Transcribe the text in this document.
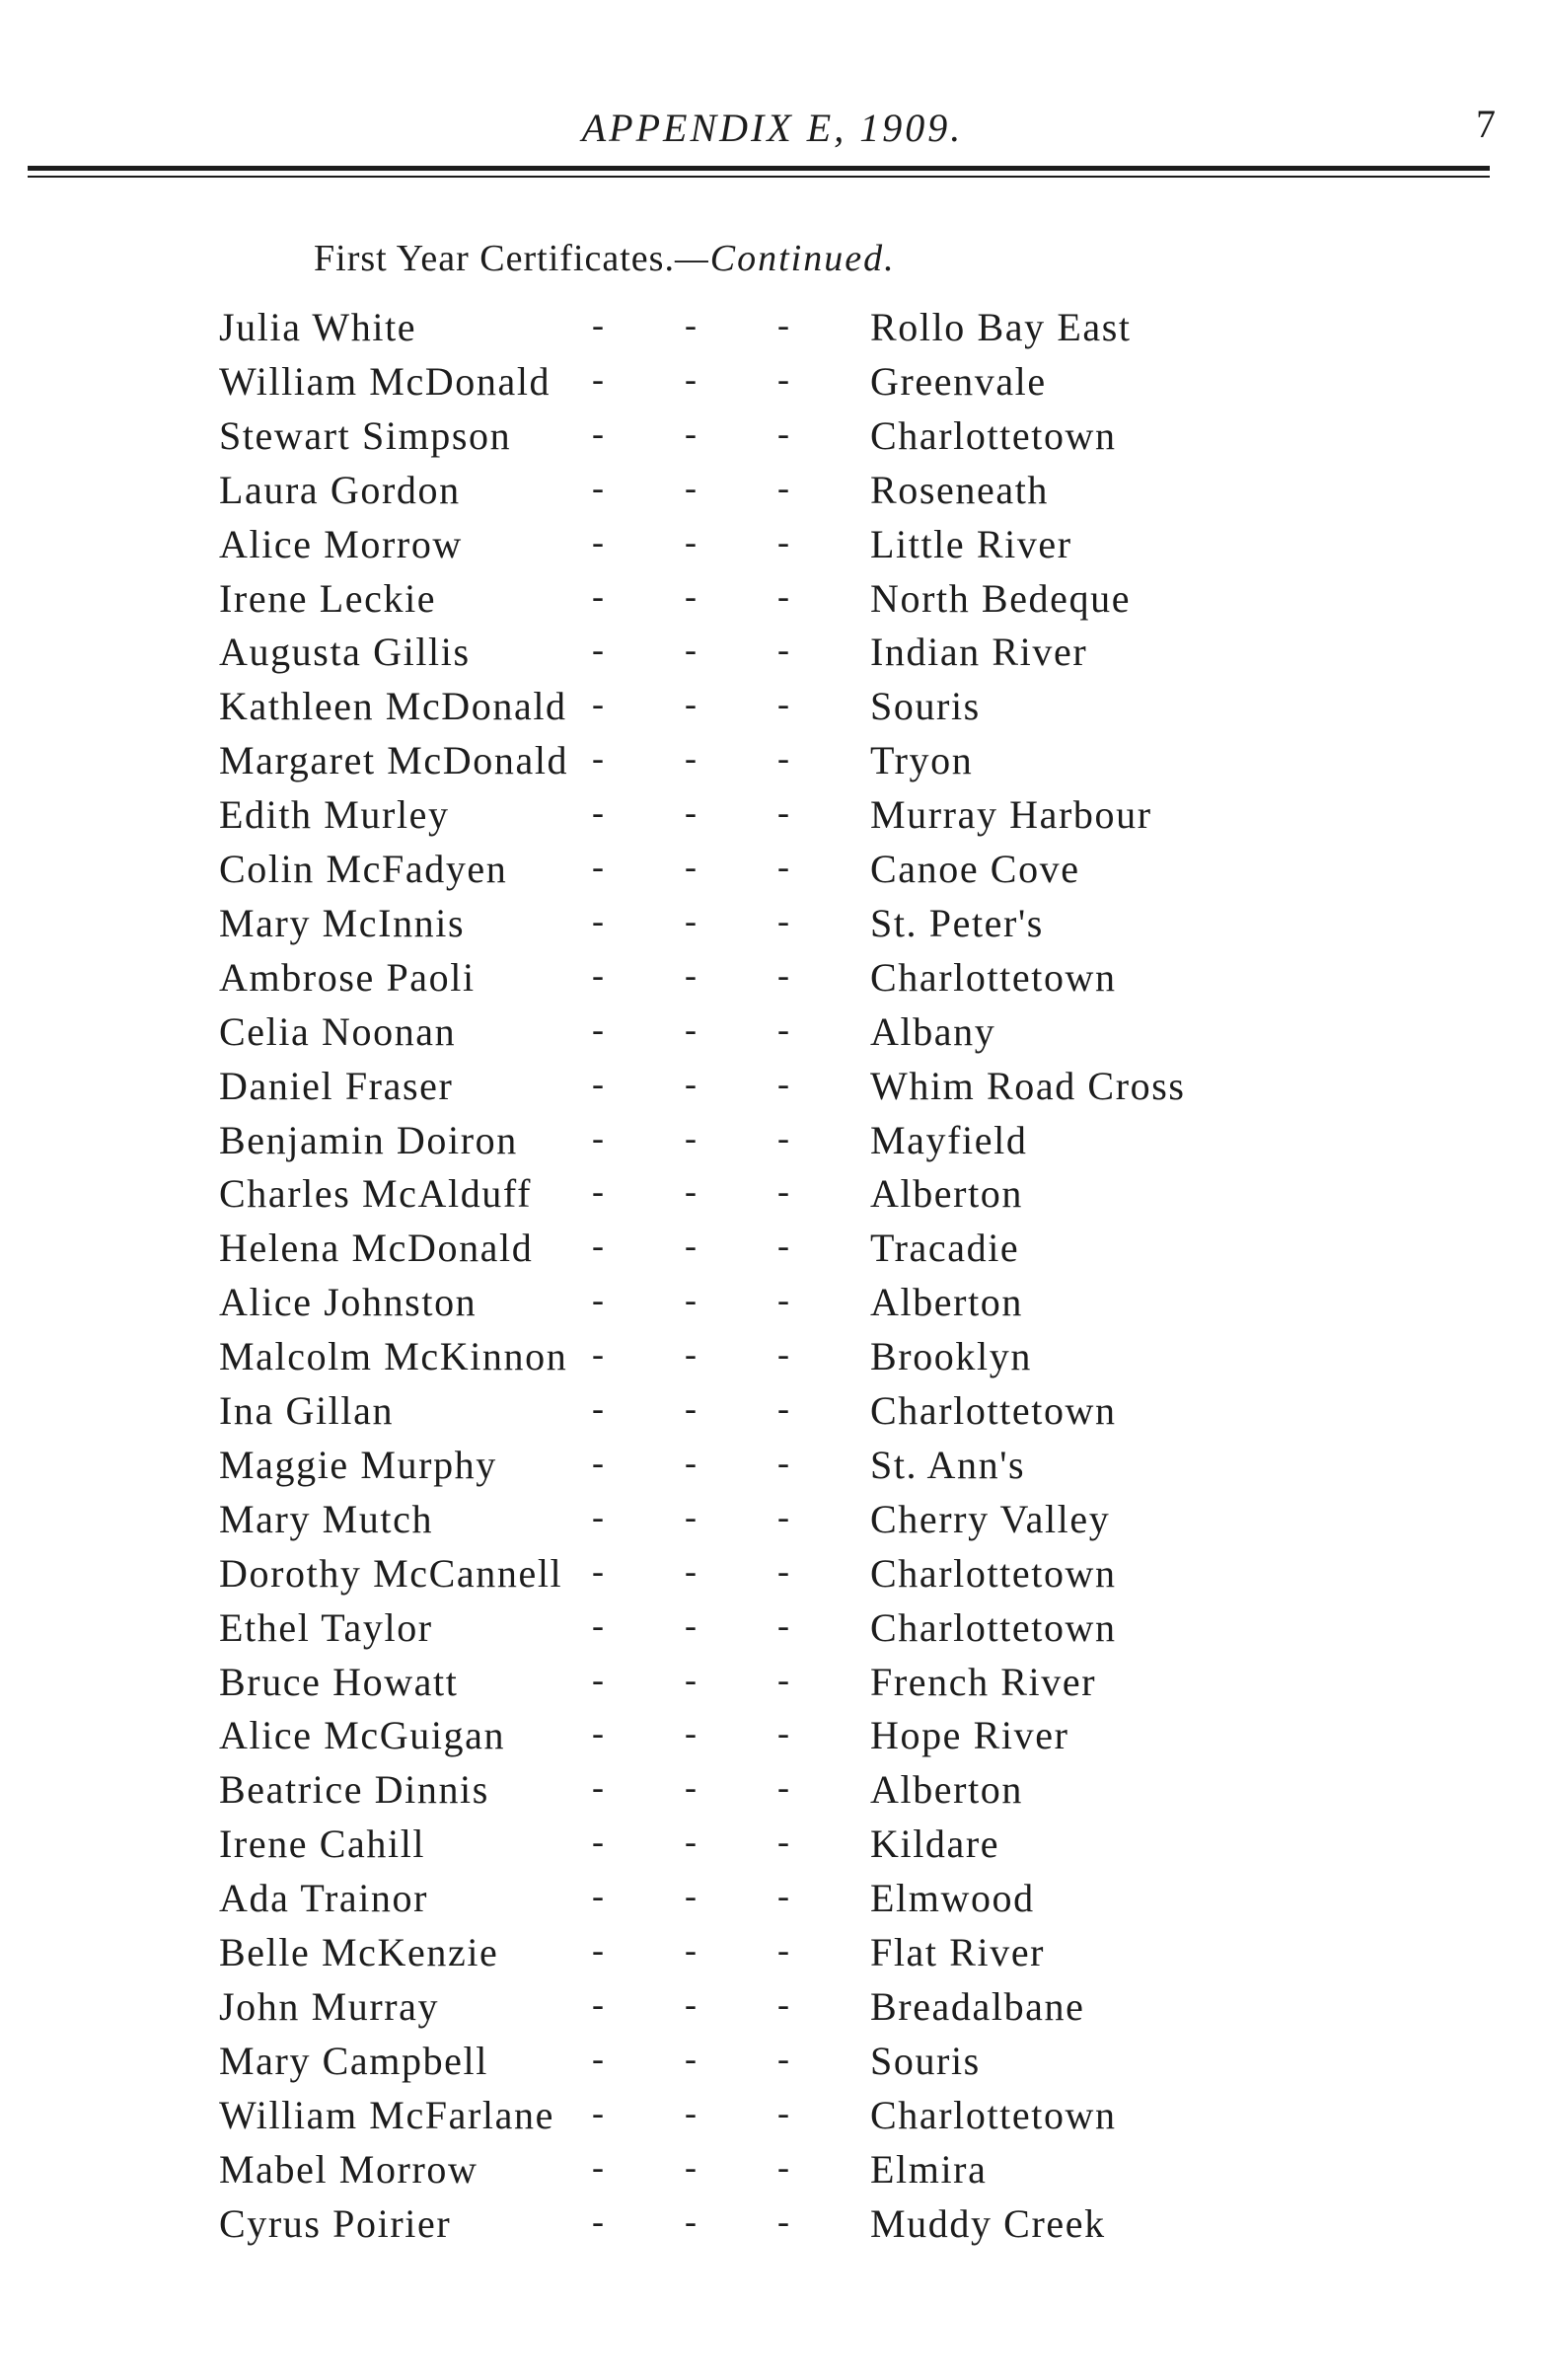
APPENDIX E, 1909.	7
First Year Certificates.—Continued.
Julia White	- - - Rollo Bay East
William McDonald - - - Greenvale
Stewart Simpson - - - Charlottetown
Laura Gordon	- - - Roseneath
Alice Morrow	- - - Little River
Irene Leckie	- - - North Bedeque
Augusta Gillis	- - - Indian River
Kathleen McDonald - - - Souris
Margaret McDonald - - - Tryon
Edith Murley	- - - Murray Harbour
Colin McFadyen - - - Canoe Cove
Mary McInnis	- - - St. Peter's
Ambrose Paoli	- - - Charlottetown
Celia Noonan	- - - Albany
Daniel Fraser	- - - Whim Road Cross
Benjamin Doiron - - - Mayfield
Charles McAlduff - - - Alberton
Helena McDonald - - - Tracadie
Alice Johnston	- - - Alberton
Malcolm McKinnon - - - Brooklyn
Ina Gillan	- - - Charlottetown
Maggie Murphy	- - - St. Ann's
Mary Mutch	- - - Cherry Valley
Dorothy McCannell - - - Charlottetown
Ethel Taylor	- - - Charlottetown
Bruce Howatt	- - - French River
Alice McGuigan - - - Hope River
Beatrice Dinnis	- - - Alberton
Irene Cahill	- - - Kildare
Ada Trainor	- - - Elmwood
Belle McKenzie	- - - Flat River
John Murray	- - - Breadalbane
Mary Campbell	- - - Souris
William McFarlane - - - Charlottetown
Mabel Morrow	- - - Elmira
Cyrus Poirier	- - - Muddy Creek
